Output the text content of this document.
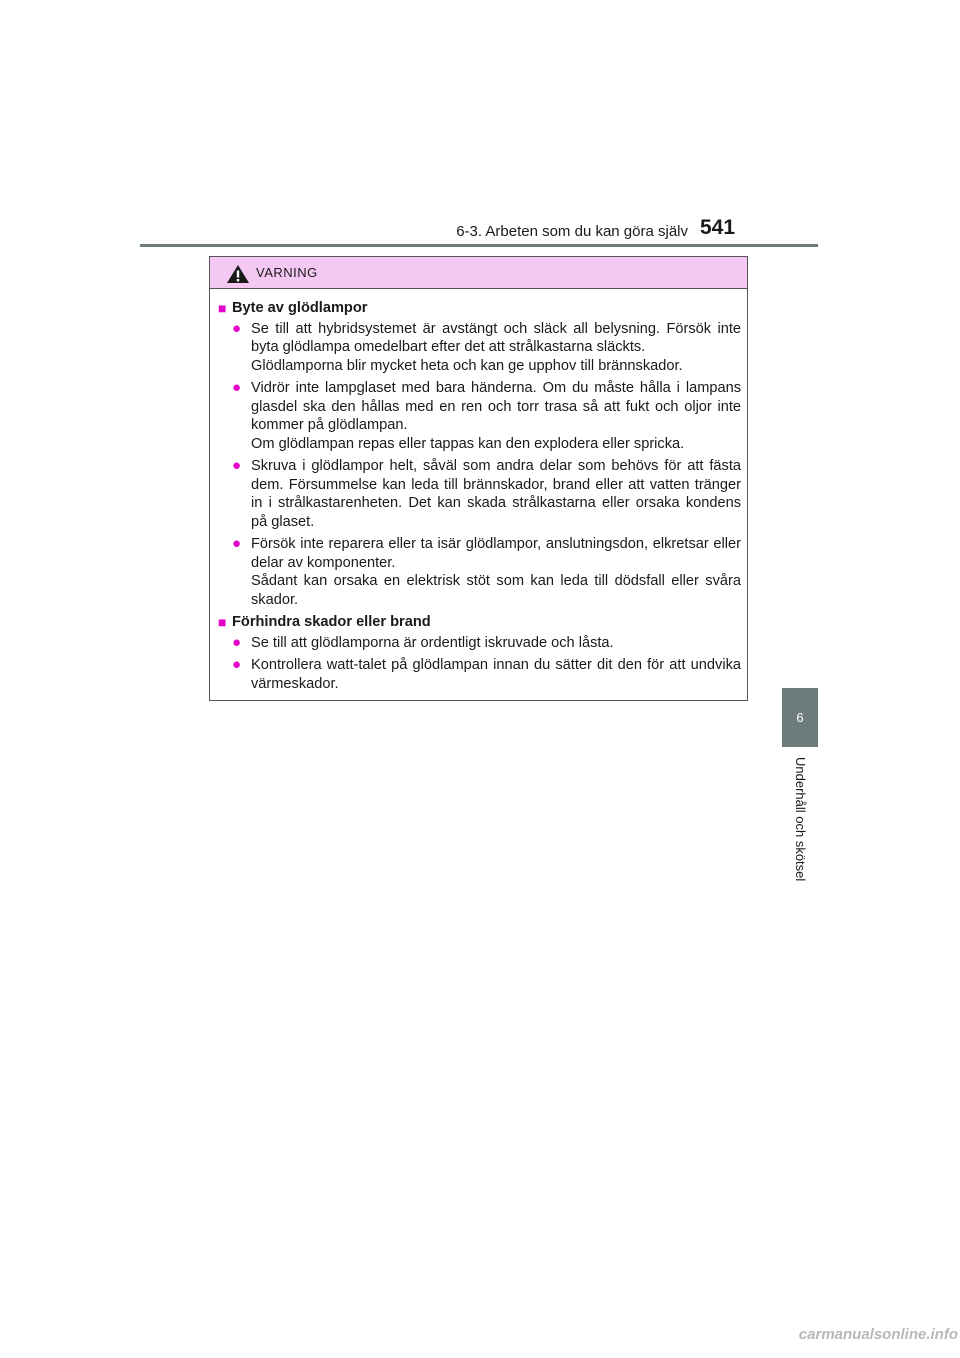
6-3. Arbeten som du kan göra själv 541
6
Underhåll och skötsel
VARNING
■ Byte av glödlampor
● Se till att hybridsystemet är avstängt och släck all belysning. Försök inte byta glödlampa omedelbart efter det att strålkastarna släckts.

Glödlamporna blir mycket heta och kan ge upphov till brännskador.

● Vidrör inte lampglaset med bara händerna. Om du måste hålla i lampans glasdel ska den hållas med en ren och torr trasa så att fukt och oljor inte kommer på glödlampan.

Om glödlampan repas eller tappas kan den explodera eller spricka.

● Skruva i glödlampor helt, såväl som andra delar som behövs för att fästa dem. Försummelse kan leda till brännskador, brand eller att vatten tränger in i strålkastarenheten. Det kan skada strålkastarna eller orsaka kondens på glaset.

● Försök inte reparera eller ta isär glödlampor, anslutningsdon, elkretsar eller delar av komponenter.

Sådant kan orsaka en elektrisk stöt som kan leda till dödsfall eller svåra skador.

■ Förhindra skador eller brand
● Se till att glödlamporna är ordentligt iskruvade och låsta.

● Kontrollera watt-talet på glödlampan innan du sätter dit den för att undvika värmeskador.

carmanualsonline.info
